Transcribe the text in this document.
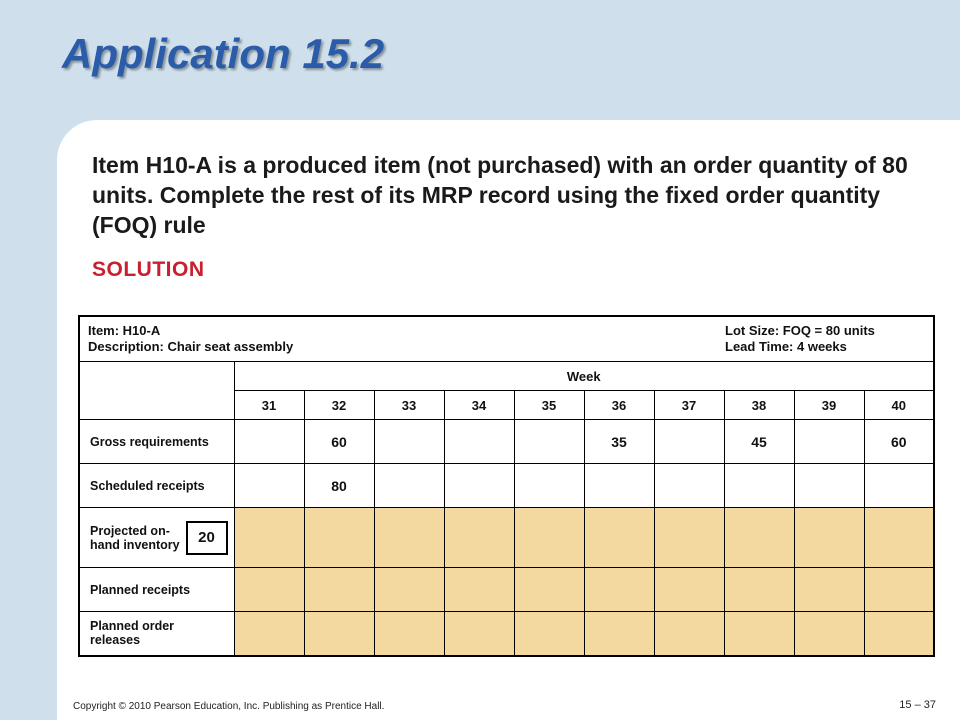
Application 15.2

Item H10-A is a produced item (not purchased) with an order quantity of 80 units. Complete the rest of its MRP record using the fixed order quantity (FOQ) rule

SOLUTION

Item: H10-A
Description: Chair seat assembly
Lot Size: FOQ = 80 units
Lead Time: 4 weeks										

	Week									
	31	32	33	34	35	36	37	38	39	40
Gross requirements		60				35		45		60
Scheduled receipts		80								

Projected on-hand inventory 20										

Planned receipts										
Planned order releases										
Copyright © 2010 Pearson Education, Inc. Publishing as Prentice Hall.	15 – 37
